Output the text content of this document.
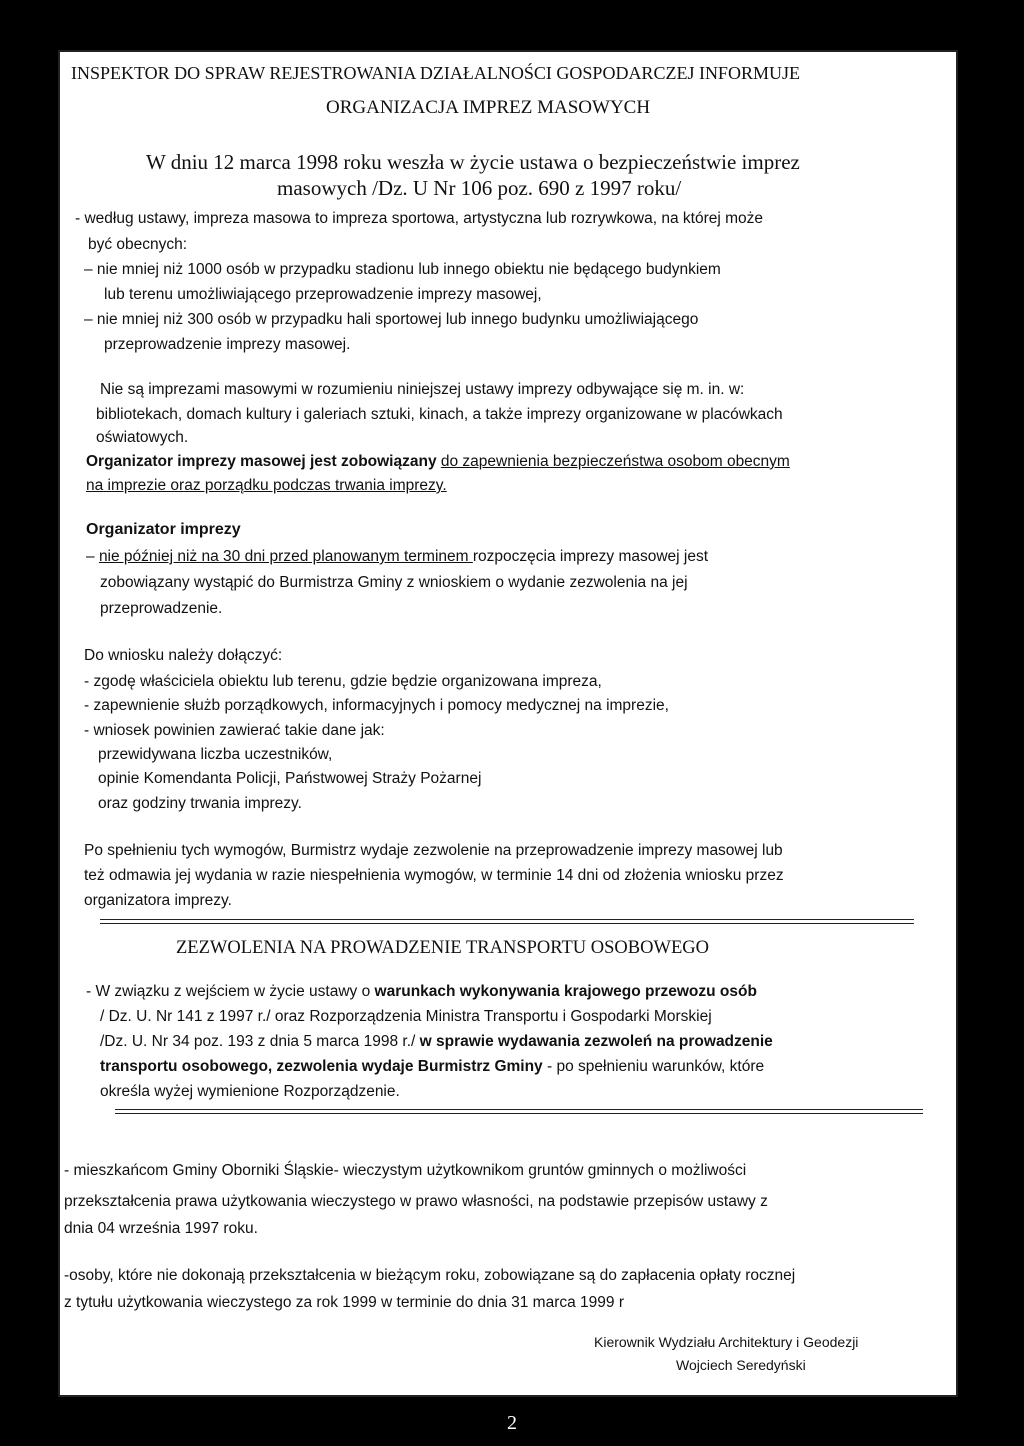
INSPEKTOR DO SPRAW REJESTROWANIA DZIAŁALNOŚCI GOSPODARCZEJ INFORMUJE
ORGANIZACJA IMPREZ MASOWYCH
W dniu 12 marca 1998 roku weszła w życie ustawa o bezpieczeństwie imprez
masowych /Dz. U Nr 106 poz. 690 z 1997 roku/
- według ustawy, impreza masowa to impreza sportowa, artystyczna lub rozrywkowa, na której może
być obecnych:
– nie mniej niż 1000 osób w przypadku stadionu lub innego obiektu nie będącego budynkiem
lub terenu umożliwiającego przeprowadzenie imprezy masowej,
– nie mniej niż 300 osób w przypadku hali sportowej lub innego budynku umożliwiającego
przeprowadzenie imprezy masowej.
Nie są imprezami masowymi w rozumieniu niniejszej ustawy imprezy odbywające się m. in. w:
bibliotekach, domach kultury i galeriach sztuki, kinach, a także imprezy organizowane w placówkach
oświatowych.
Organizator imprezy masowej jest zobowiązany do zapewnienia bezpieczeństwa osobom obecnym
na imprezie oraz porządku podczas trwania imprezy.
Organizator imprezy
– nie później niż na 30 dni przed planowanym terminem rozpoczęcia imprezy masowej jest
zobowiązany wystąpić do Burmistrza Gminy z wnioskiem o wydanie zezwolenia na jej
przeprowadzenie.
Do wniosku należy dołączyć:
- zgodę właściciela obiektu lub terenu, gdzie będzie organizowana impreza,
- zapewnienie służb porządkowych, informacyjnych i pomocy medycznej na imprezie,
- wniosek powinien zawierać takie dane jak:
przewidywana liczba uczestników,
opinie Komendanta Policji, Państwowej Straży Pożarnej
oraz godziny trwania imprezy.
Po spełnieniu tych wymogów, Burmistrz wydaje zezwolenie na przeprowadzenie imprezy masowej lub
też odmawia jej wydania w razie niespełnienia wymogów, w terminie 14 dni od złożenia wniosku przez
organizatora imprezy.
ZEZWOLENIA NA PROWADZENIE TRANSPORTU OSOBOWEGO
- W związku z wejściem w życie ustawy o warunkach wykonywania krajowego przewozu osób
/ Dz. U. Nr 141 z 1997 r./ oraz Rozporządzenia Ministra Transportu i Gospodarki Morskiej
/Dz. U. Nr 34 poz. 193 z dnia 5 marca 1998 r./ w sprawie wydawania zezwoleń na prowadzenie
transportu osobowego, zezwolenia wydaje Burmistrz Gminy - po spełnieniu warunków, które
określa wyżej wymienione Rozporządzenie.
- mieszkańcom Gminy Oborniki Śląskie- wieczystym użytkownikom gruntów gminnych o możliwości
przekształcenia prawa użytkowania wieczystego w prawo własności, na podstawie przepisów ustawy z
dnia 04 września 1997 roku.
-osoby, które nie dokonają przekształcenia w bieżącym roku, zobowiązane są do zapłacenia opłaty rocznej
z tytułu użytkowania wieczystego za rok 1999 w terminie do dnia 31 marca 1999 r
Kierownik Wydziału Architektury i Geodezji
Wojciech Seredyński
2
